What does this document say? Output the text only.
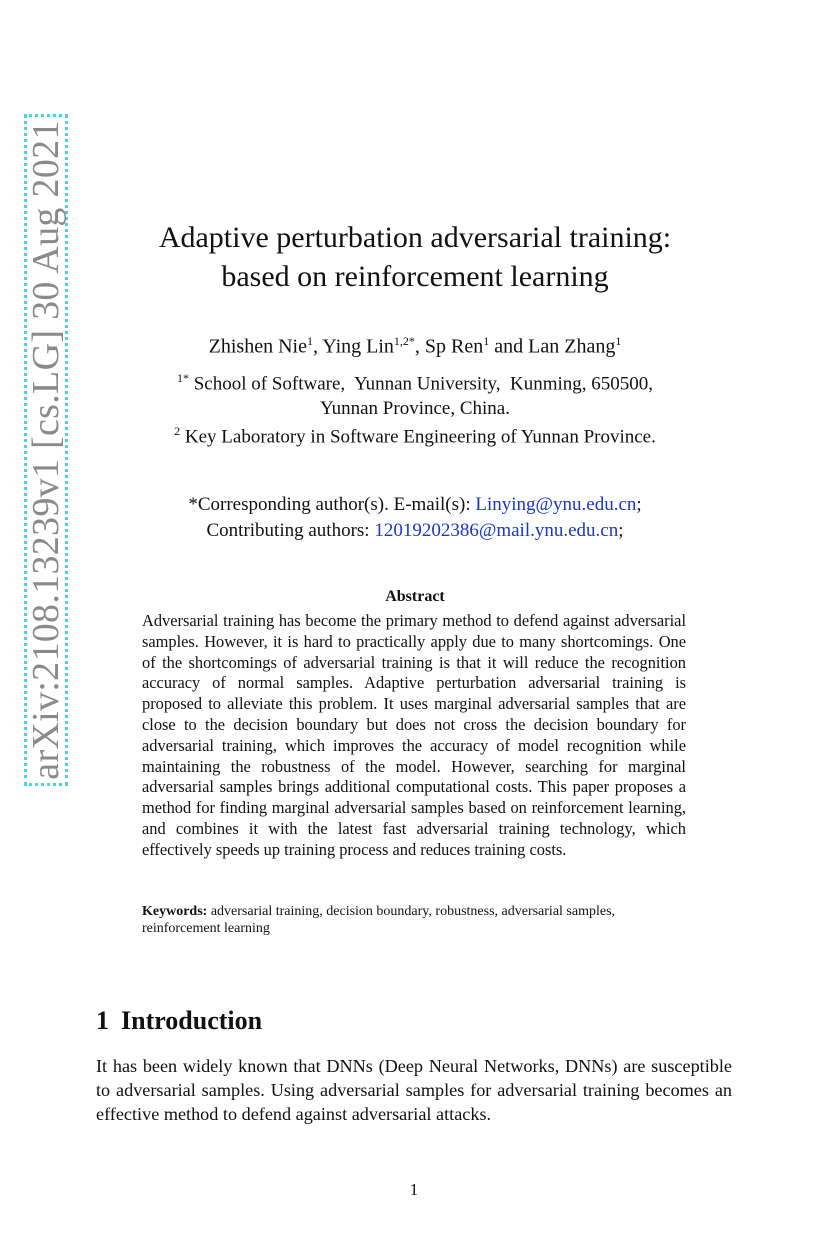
arXiv:2108.13239v1 [cs.LG] 30 Aug 2021	Adaptive perturbation adversarial training:
based on reinforcement learning
Zhishen Nie$^1$, Ying Lin$^{1,2*}$, Sp Ren$^1$ and Lan Zhang$^1$
$^{1*}$ School of Software,  Yunnan University,  Kunming, 650500,
Yunnan Province, China.
$^2$ Key Laboratory in Software Engineering of Yunnan Province.
*Corresponding author(s). E-mail(s): Linying@ynu.edu.cn;
Contributing authors: 12019202386@mail.ynu.edu.cn;
Abstract

Adversarial training has become the primary method to defend against adversarial samples. However, it is hard to practically apply due to many shortcomings. One of the shortcomings of adversarial training is that it will reduce the recognition accuracy of normal samples. Adaptive perturbation adversarial training is proposed to alleviate this problem. It uses marginal adversarial samples that are close to the decision boundary but does not cross the decision boundary for adversarial training, which improves the accuracy of model recognition while maintaining the robustness of the model. However, searching for marginal adversarial samples brings additional computational costs. This paper proposes a method for finding marginal adversarial samples based on reinforcement learning, and combines it with the latest fast adversarial training technology, which effectively speeds up training process and reduces training costs.

Keywords: adversarial training, decision boundary, robustness, adversarial samples, reinforcement learning

1 Introduction

It has been widely known that DNNs (Deep Neural Networks, DNNs) are susceptible to adversarial samples. Using adversarial samples for adversarial training becomes an effective method to defend against adversarial attacks.

1
